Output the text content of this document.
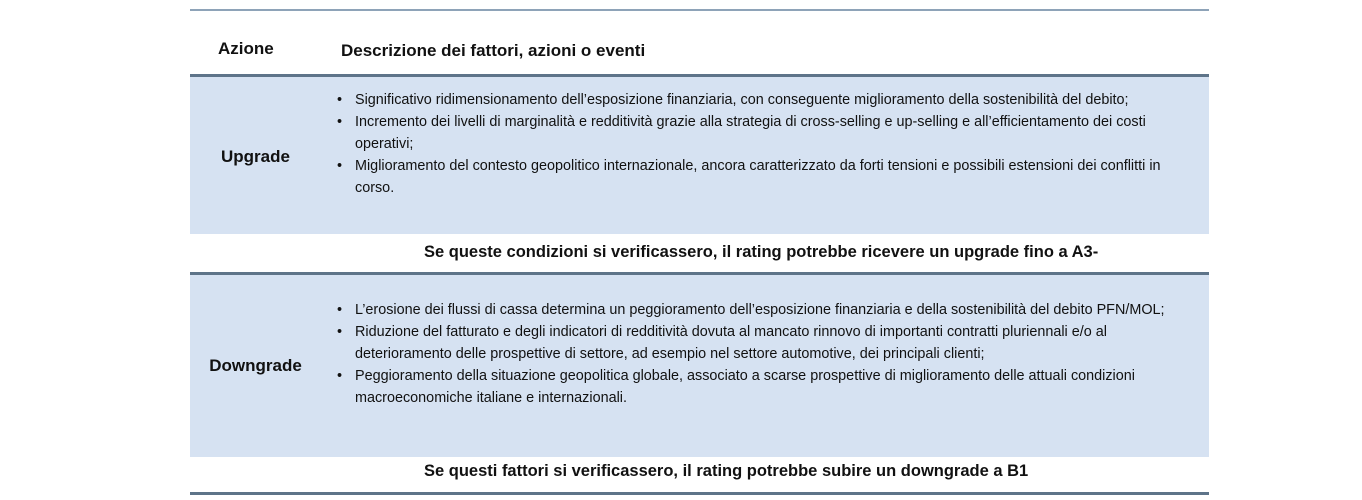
Azione	Descrizione dei fattori, azioni o eventi
Upgrade
• Significativo ridimensionamento dell’esposizione finanziaria, con conseguente miglioramento della sostenibilità del debito;
• Incremento dei livelli di marginalità e redditività grazie alla strategia di cross-selling e up-selling e all’efficientamento dei costi operativi;
• Miglioramento del contesto geopolitico internazionale, ancora caratterizzato da forti tensioni e possibili estensioni dei conflitti in corso.
Se queste condizioni si verificassero, il rating potrebbe ricevere un upgrade fino a A3-
Downgrade
• L’erosione dei flussi di cassa determina un peggioramento dell’esposizione finanziaria e della sostenibilità del debito PFN/MOL;
• Riduzione del fatturato e degli indicatori di redditività dovuta al mancato rinnovo di importanti contratti pluriennali e/o al deterioramento delle prospettive di settore, ad esempio nel settore automotive, dei principali clienti;
• Peggioramento della situazione geopolitica globale, associato a scarse prospettive di miglioramento delle attuali condizioni macroeconomiche italiane e internazionali.
Se questi fattori si verificassero, il rating potrebbe subire un downgrade a B1
